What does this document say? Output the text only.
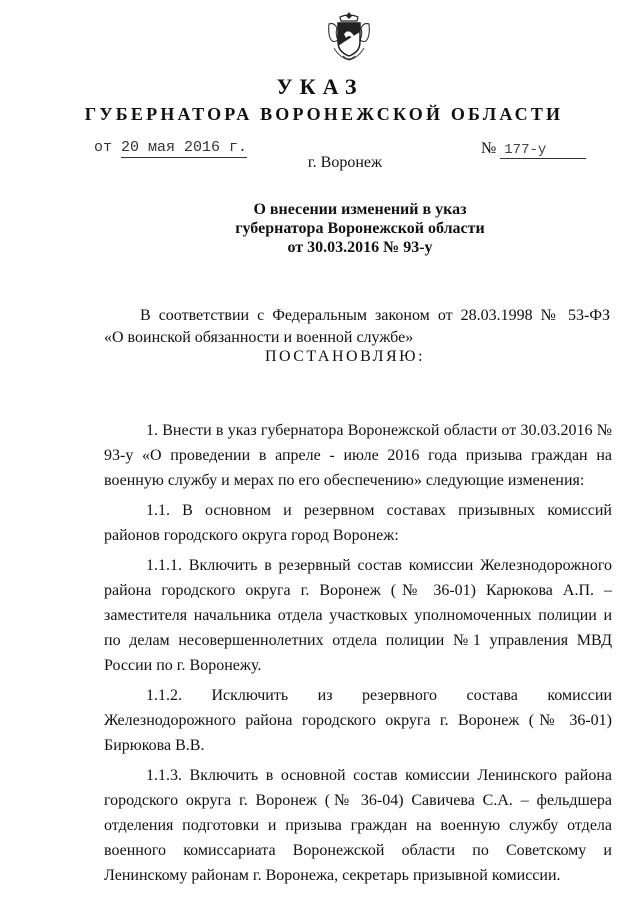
УКАЗ
ГУБЕРНАТОРА ВОРОНЕЖСКОЙ ОБЛАСТИ
от 20 мая 2016 г.	№ 177-у
г. Воронеж
О внесении изменений в указ
губернатора Воронежской области
от 30.03.2016 № 93-у

В соответствии с Федеральным законом от 28.03.1998 № 53-ФЗ

«О воинской обязанности и военной службе»

ПОСТАНОВЛЯЮ:

1. Внести в указ губернатора Воронежской области от 30.03.2016 № 93-у «О проведении в апреле - июле 2016 года призыва граждан на военную службу и мерах по его обеспечению» следующие изменения:

1.1. В основном и резервном составах призывных комиссий районов городского округа город Воронеж:

1.1.1. Включить в резервный состав комиссии Железнодорожного района городского округа г. Воронеж (№ 36-01) Карюкова А.П. – заместителя начальника отдела участковых уполномоченных полиции и по делам несовершеннолетних отдела полиции №1 управления МВД России по г. Воронежу.

1.1.2. Исключить из резервного состава комиссии Железнодорожного района городского округа г. Воронеж (№ 36-01) Бирюкова В.В.

1.1.3. Включить в основной состав комиссии Ленинского района городского округа г. Воронеж (№ 36-04) Савичева С.А. – фельдшера отделения подготовки и призыва граждан на военную службу отдела военного комиссариата Воронежской области по Советскому и Ленинскому районам г. Воронежа, секретарь призывной комиссии.
